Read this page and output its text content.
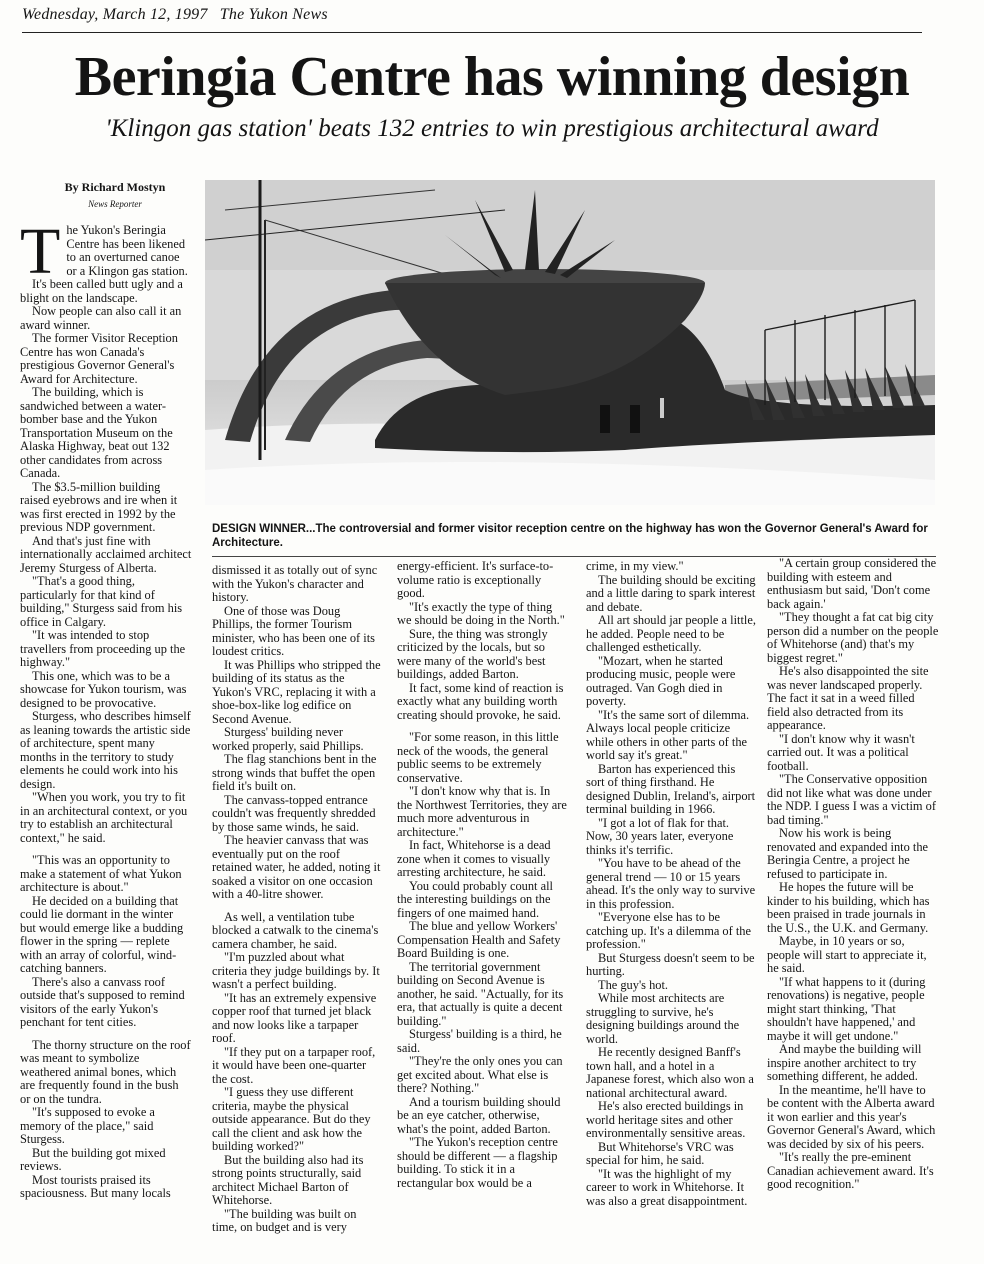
Wednesday, March 12, 1997 The Yukon News
Beringia Centre has winning design
'Klingon gas station' beats 132 entries to win prestigious architectural award
By Richard Mostyn
News Reporter
DESIGN WINNER...The controversial and former visitor reception centre on the highway has won the Governor General's Award for Architecture.
T he Yukon's Beringia Centre has been likened to an overturned canoe or a Klingon gas station.

It's been called butt ugly and a blight on the landscape.

Now people can also call it an award winner.

The former Visitor Reception Centre has won Canada's prestigious Governor General's Award for Architecture.

The building, which is sandwiched between a water-bomber base and the Yukon Transportation Museum on the Alaska Highway, beat out 132 other candidates from across Canada.

The $3.5-million building raised eyebrows and ire when it was first erected in 1992 by the previous NDP government.

And that's just fine with internationally acclaimed architect Jeremy Sturgess of Alberta.

"That's a good thing, particularly for that kind of building," Sturgess said from his office in Calgary.

"It was intended to stop travellers from proceeding up the highway."

This one, which was to be a showcase for Yukon tourism, was designed to be provocative.

Sturgess, who describes himself as leaning towards the artistic side of architecture, spent many months in the territory to study elements he could work into his design.

"When you work, you try to fit in an architectural context, or you try to establish an architectural context," he said.

"This was an opportunity to make a statement of what Yukon architecture is about."

He decided on a building that could lie dormant in the winter but would emerge like a budding flower in the spring — replete with an array of colorful, wind-catching banners.

There's also a canvass roof outside that's supposed to remind visitors of the early Yukon's penchant for tent cities.

The thorny structure on the roof was meant to symbolize weathered animal bones, which are frequently found in the bush or on the tundra.

"It's supposed to evoke a memory of the place," said Sturgess.

But the building got mixed reviews.

Most tourists praised its spaciousness. But many locals

dismissed it as totally out of sync with the Yukon's character and history.

One of those was Doug Phillips, the former Tourism minister, who has been one of its loudest critics.

It was Phillips who stripped the building of its status as the Yukon's VRC, replacing it with a shoe-box-like log edifice on Second Avenue.

Sturgess' building never worked properly, said Phillips.

The flag stanchions bent in the strong winds that buffet the open field it's built on.

The canvass-topped entrance couldn't was frequently shredded by those same winds, he said.

The heavier canvass that was eventually put on the roof retained water, he added, noting it soaked a visitor on one occasion with a 40-litre shower.

As well, a ventilation tube blocked a catwalk to the cinema's camera chamber, he said.

"I'm puzzled about what criteria they judge buildings by. It wasn't a perfect building.

"It has an extremely expensive copper roof that turned jet black and now looks like a tarpaper roof.

"If they put on a tarpaper roof, it would have been one-quarter the cost.

"I guess they use different criteria, maybe the physical outside appearance. But do they call the client and ask how the building worked?"

But the building also had its strong points structurally, said architect Michael Barton of Whitehorse.

"The building was built on time, on budget and is very

energy-efficient. It's surface-to-volume ratio is exceptionally good.

"It's exactly the type of thing we should be doing in the North."

Sure, the thing was strongly criticized by the locals, but so were many of the world's best buildings, added Barton.

It fact, some kind of reaction is exactly what any building worth creating should provoke, he said.

"For some reason, in this little neck of the woods, the general public seems to be extremely conservative.

"I don't know why that is. In the Northwest Territories, they are much more adventurous in architecture."

In fact, Whitehorse is a dead zone when it comes to visually arresting architecture, he said.

You could probably count all the interesting buildings on the fingers of one maimed hand.

The blue and yellow Workers' Compensation Health and Safety Board Building is one.

The territorial government building on Second Avenue is another, he said. "Actually, for its era, that actually is quite a decent building."

Sturgess' building is a third, he said.

"They're the only ones you can get excited about. What else is there? Nothing."

And a tourism building should be an eye catcher, otherwise, what's the point, added Barton.

"The Yukon's reception centre should be different — a flagship building. To stick it in a rectangular box would be a

crime, in my view."

The building should be exciting and a little daring to spark interest and debate.

All art should jar people a little, he added. People need to be challenged esthetically.

"Mozart, when he started producing music, people were outraged. Van Gogh died in poverty.

"It's the same sort of dilemma. Always local people criticize while others in other parts of the world say it's great."

Barton has experienced this sort of thing firsthand. He designed Dublin, Ireland's, airport terminal building in 1966.

"I got a lot of flak for that. Now, 30 years later, everyone thinks it's terrific.

"You have to be ahead of the general trend — 10 or 15 years ahead. It's the only way to survive in this profession.

"Everyone else has to be catching up. It's a dilemma of the profession."

But Sturgess doesn't seem to be hurting.

The guy's hot.

While most architects are struggling to survive, he's designing buildings around the world.

He recently designed Banff's town hall, and a hotel in a Japanese forest, which also won a national architectural award.

He's also erected buildings in world heritage sites and other environmentally sensitive areas.

But Whitehorse's VRC was special for him, he said.

"It was the highlight of my career to work in Whitehorse. It was also a great disappointment.

"A certain group considered the building with esteem and enthusiasm but said, 'Don't come back again.'

"They thought a fat cat big city person did a number on the people of Whitehorse (and) that's my biggest regret."

He's also disappointed the site was never landscaped properly. The fact it sat in a weed filled field also detracted from its appearance.

"I don't know why it wasn't carried out. It was a political football.

"The Conservative opposition did not like what was done under the NDP. I guess I was a victim of bad timing."

Now his work is being renovated and expanded into the Beringia Centre, a project he refused to participate in.

He hopes the future will be kinder to his building, which has been praised in trade journals in the U.S., the U.K. and Germany.

Maybe, in 10 years or so, people will start to appreciate it, he said.

"If what happens to it (during renovations) is negative, people might start thinking, 'That shouldn't have happened,' and maybe it will get undone."

And maybe the building will inspire another architect to try something different, he added.

In the meantime, he'll have to be content with the Alberta award it won earlier and this year's Governor General's Award, which was decided by six of his peers.

"It's really the pre-eminent Canadian achievement award. It's good recognition."
